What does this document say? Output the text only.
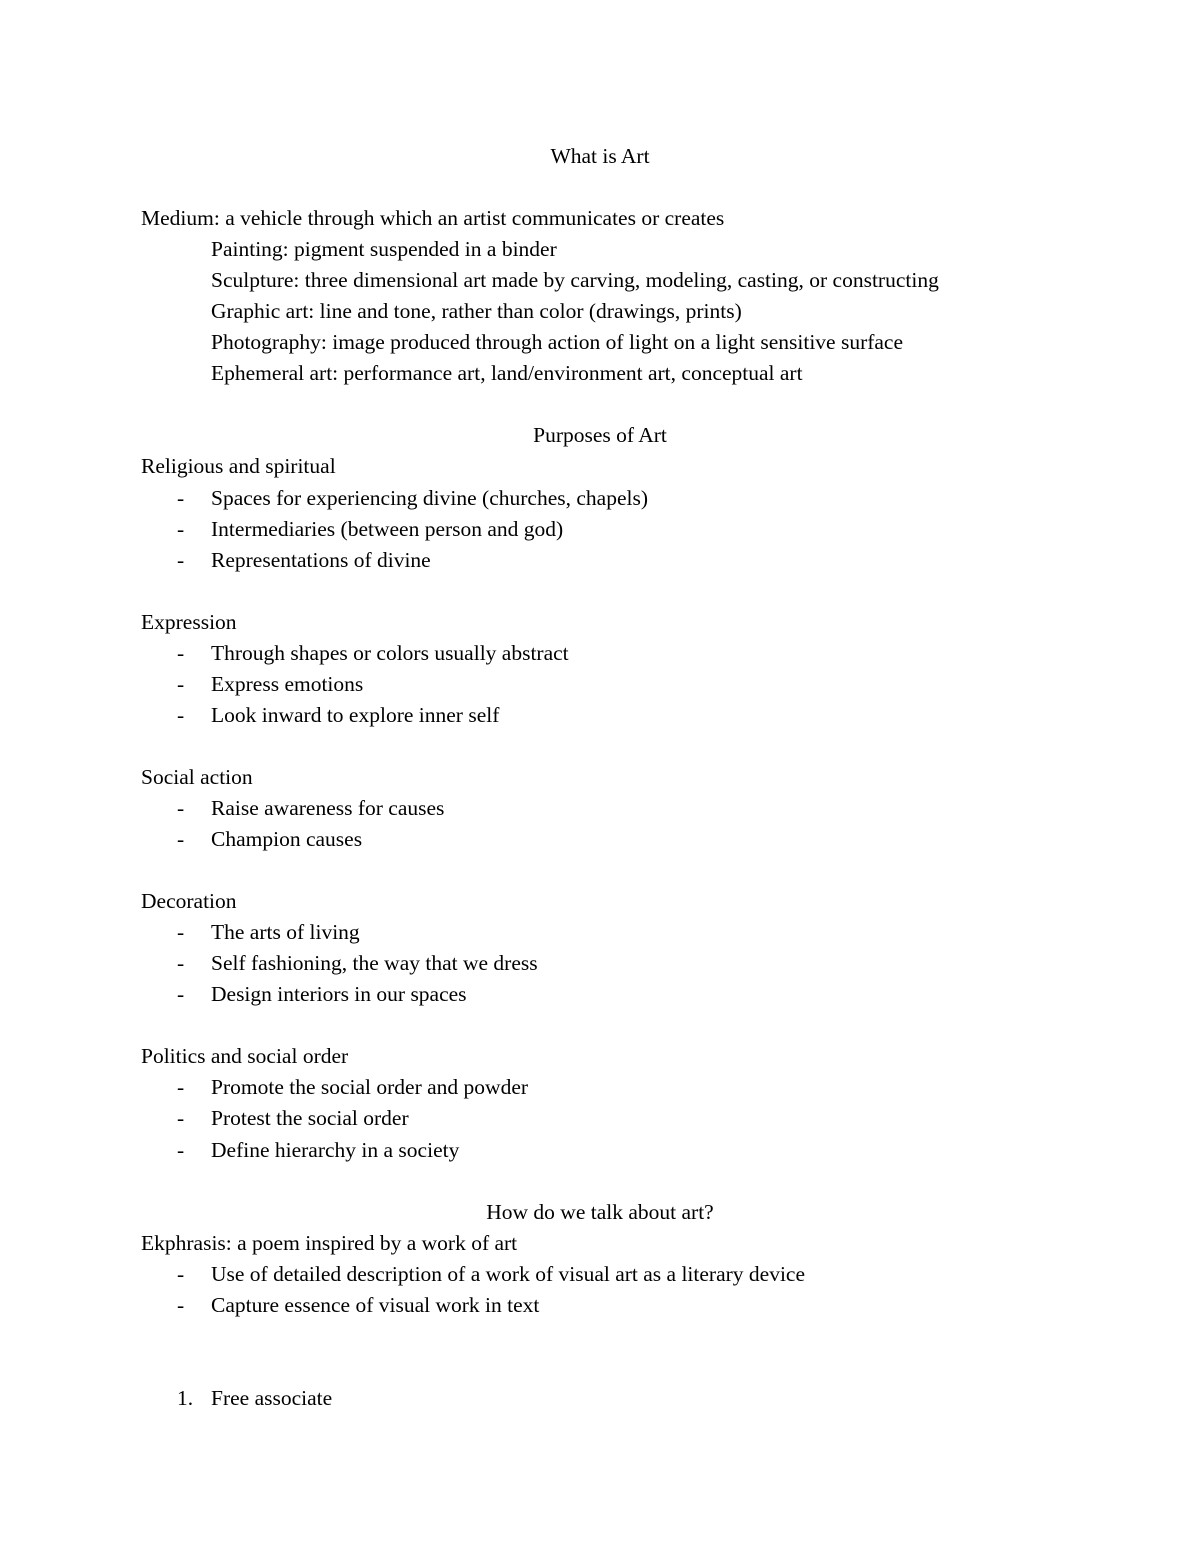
What is Art
Medium: a vehicle through which an artist communicates or creates
Painting: pigment suspended in a binder
Sculpture: three dimensional art made by carving, modeling, casting, or constructing
Graphic art: line and tone, rather than color (drawings, prints)
Photography: image produced through action of light on a light sensitive surface
Ephemeral art: performance art, land/environment art, conceptual art
Purposes of Art
Religious and spiritual
- Spaces for experiencing divine (churches, chapels)
- Intermediaries (between person and god)
- Representations of divine
Expression
- Through shapes or colors usually abstract
- Express emotions
- Look inward to explore inner self
Social action
- Raise awareness for causes
- Champion causes
Decoration
- The arts of living
- Self fashioning, the way that we dress
- Design interiors in our spaces
Politics and social order
- Promote the social order and powder
- Protest the social order
- Define hierarchy in a society
How do we talk about art?
Ekphrasis: a poem inspired by a work of art
- Use of detailed description of a work of visual art as a literary device
- Capture essence of visual work in text
1. Free associate
